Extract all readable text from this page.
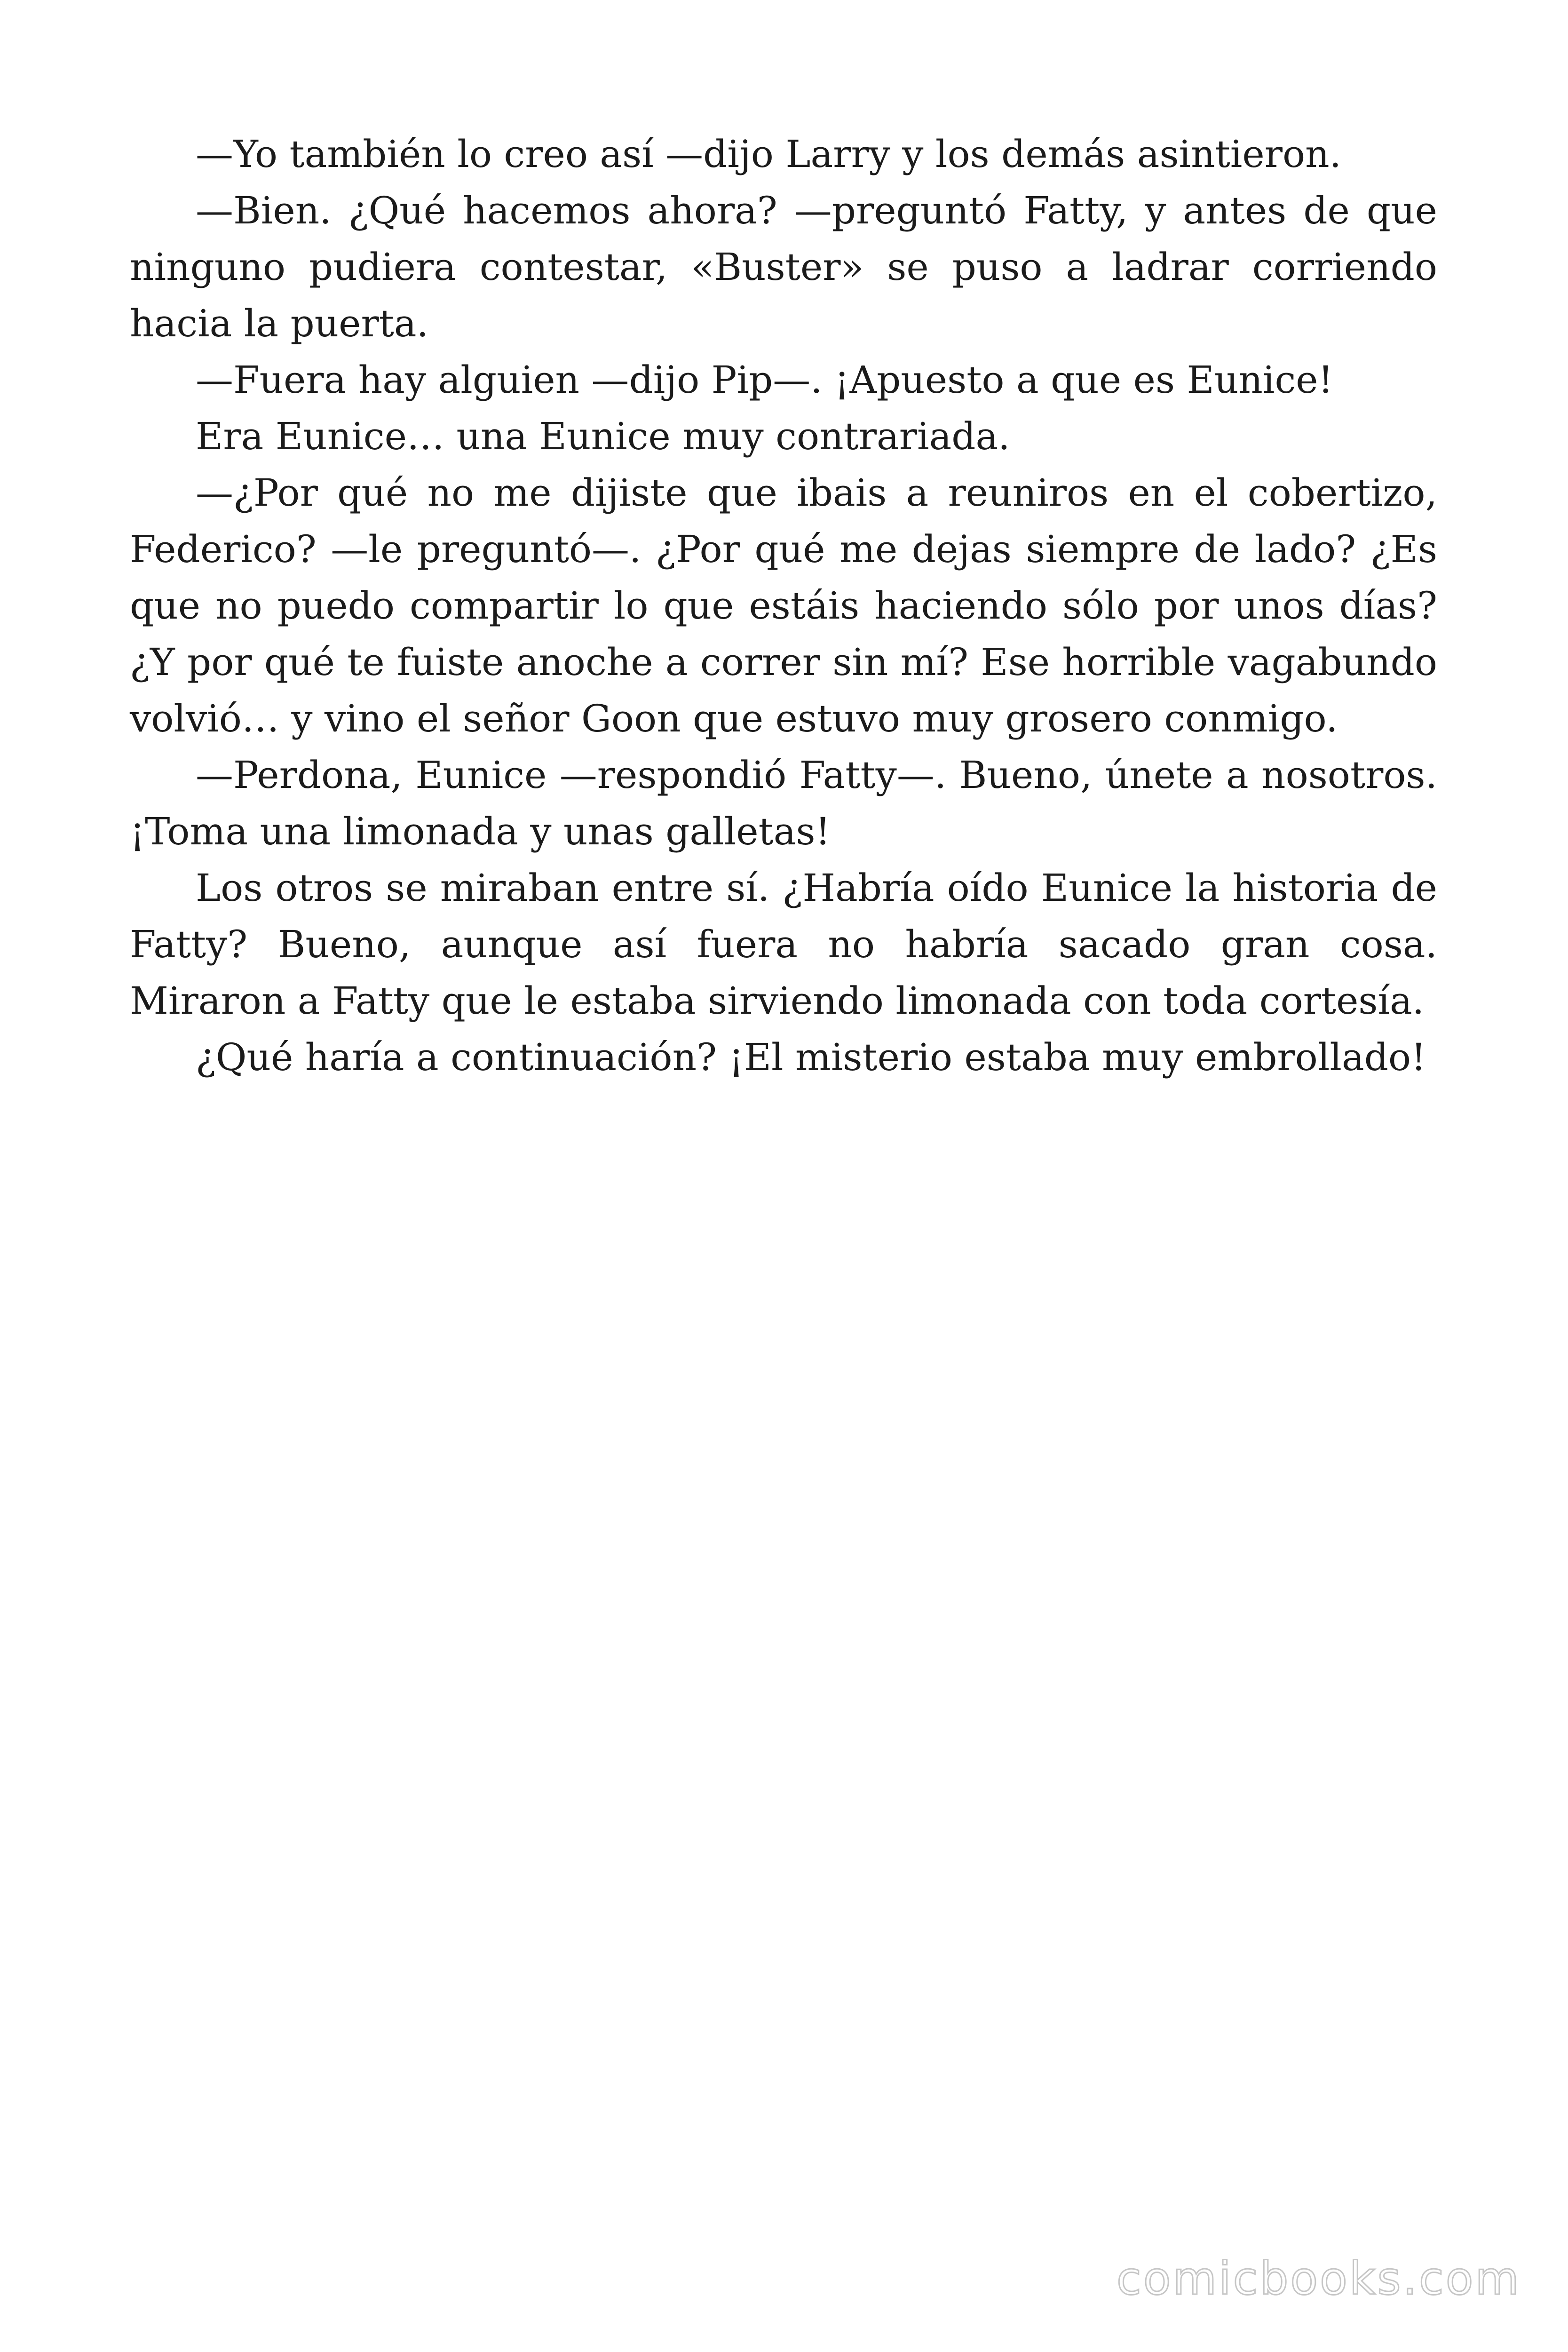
—Yo también lo creo así —dijo Larry y los demás asintieron.

—Bien. ¿Qué hacemos ahora? —preguntó Fatty, y antes de que ninguno pudiera contestar, «Buster» se puso a ladrar corriendo hacia la puerta.

—Fuera hay alguien —dijo Pip—. ¡Apuesto a que es Eunice!

Era Eunice… una Eunice muy contrariada.

—¿Por qué no me dijiste que ibais a reuniros en el cobertizo, Federico? —le preguntó—. ¿Por qué me dejas siempre de lado? ¿Es que no puedo compartir lo que estáis haciendo sólo por unos días? ¿Y por qué te fuiste anoche a correr sin mí? Ese horrible vagabundo volvió… y vino el señor Goon que estuvo muy grosero conmigo.

—Perdona, Eunice —respondió Fatty—. Bueno, únete a nosotros. ¡Toma una limonada y unas galletas!

Los otros se miraban entre sí. ¿Habría oído Eunice la historia de Fatty? Bueno, aunque así fuera no habría sacado gran cosa. Miraron a Fatty que le estaba sirviendo limonada con toda cortesía.

¿Qué haría a continuación? ¡El misterio estaba muy embrollado!

comicbooks.com
